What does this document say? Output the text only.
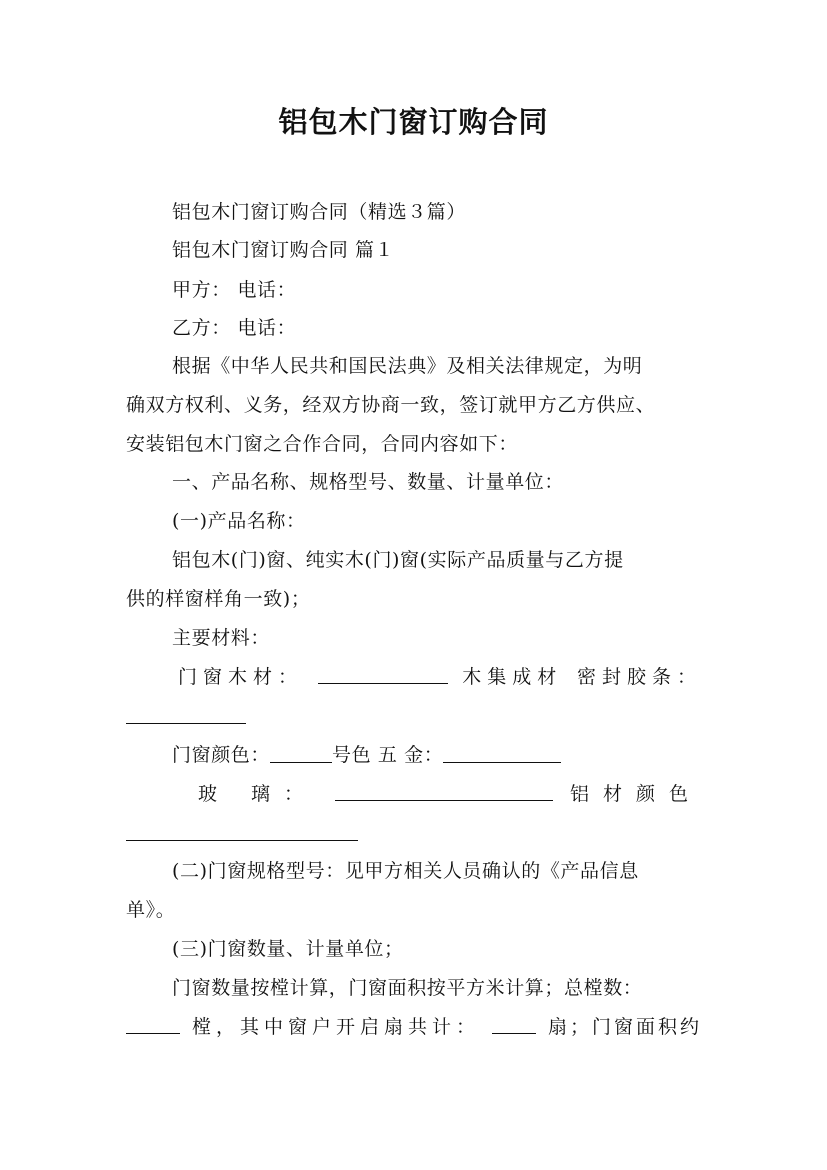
铝包木门窗订购合同
铝包木门窗订购合同（精选３篇）
铝包木门窗订购合同 篇１
甲方： 电话：
乙方： 电话：
根据《中华人民共和国民法典》及相关法律规定，为明
确双方权利、义务，经双方协商一致，签订就甲方乙方供应、
安装铝包木门窗之合作合同，合同内容如下：
一、产品名称、规格型号、数量、计量单位：
(一)产品名称：
铝包木(门)窗、纯实木(门)窗(实际产品质量与乙方提
供的样窗样角一致)；
主要材料：
门窗木材：	木集成材 密封胶条：
门窗颜色：	号色 五 金：
玻 璃：	铝材颜色
(二)门窗规格型号：见甲方相关人员确认的《产品信息
单》。
(三)门窗数量、计量单位；
门窗数量按樘计算，门窗面积按平方米计算；总樘数：
樘，其中窗户开启扇共计：	扇；门窗面积约
